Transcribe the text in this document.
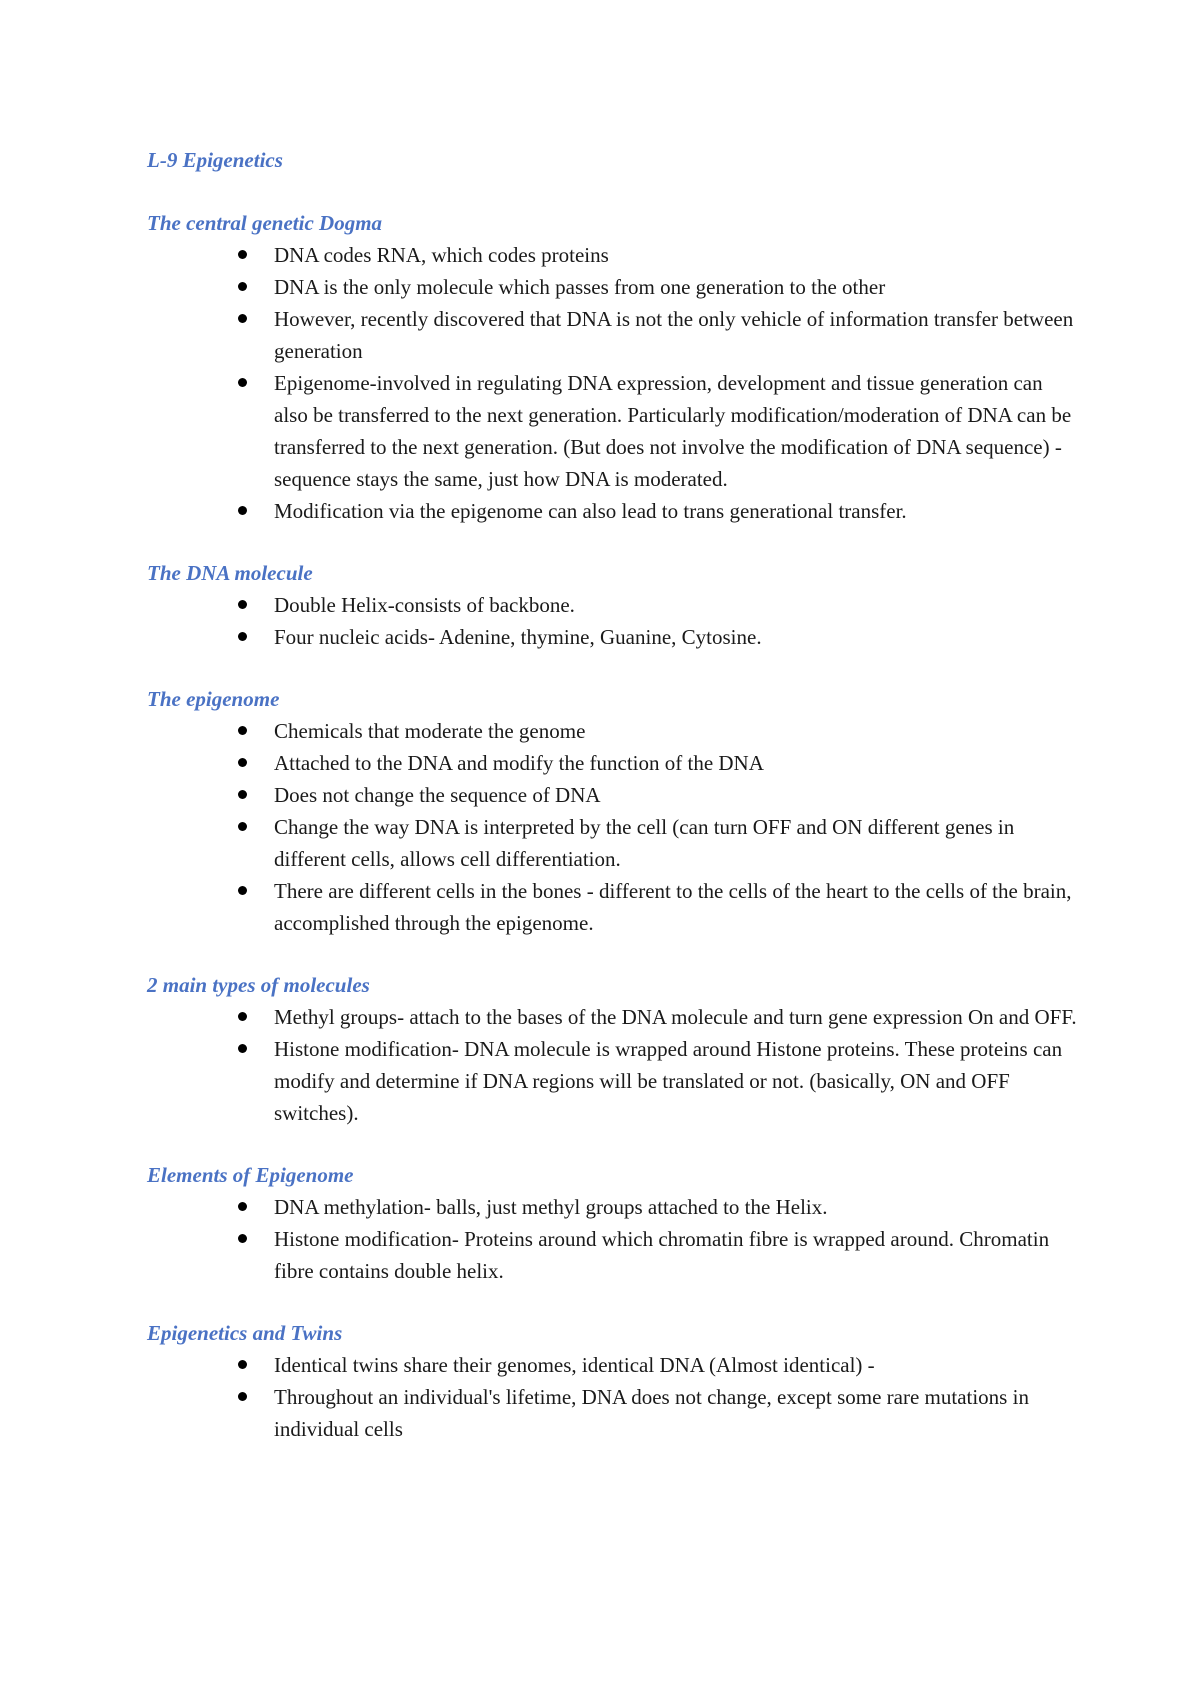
L-9 Epigenetics
The central genetic Dogma
DNA codes RNA, which codes proteins
DNA is the only molecule which passes from one generation to the other
However, recently discovered that DNA is not the only vehicle of information transfer between generation
Epigenome-involved in regulating DNA expression, development and tissue generation can also be transferred to the next generation. Particularly modification/moderation of DNA can be transferred to the next generation. (But does not involve the modification of DNA sequence) - sequence stays the same, just how DNA is moderated.
Modification via the epigenome can also lead to trans generational transfer.
The DNA molecule
Double Helix-consists of backbone.
Four nucleic acids- Adenine, thymine, Guanine, Cytosine.
The epigenome
Chemicals that moderate the genome
Attached to the DNA and modify the function of the DNA
Does not change the sequence of DNA
Change the way DNA is interpreted by the cell (can turn OFF and ON different genes in different cells, allows cell differentiation.
There are different cells in the bones - different to the cells of the heart to the cells of the brain, accomplished through the epigenome.
2 main types of molecules
Methyl groups- attach to the bases of the DNA molecule and turn gene expression On and OFF.
Histone modification- DNA molecule is wrapped around Histone proteins. These proteins can modify and determine if DNA regions will be translated or not. (basically, ON and OFF switches).
Elements of Epigenome
DNA methylation- balls, just methyl groups attached to the Helix.
Histone modification- Proteins around which chromatin fibre is wrapped around. Chromatin fibre contains double helix.
Epigenetics and Twins
Identical twins share their genomes, identical DNA (Almost identical) -
Throughout an individual's lifetime, DNA does not change, except some rare mutations in individual cells
